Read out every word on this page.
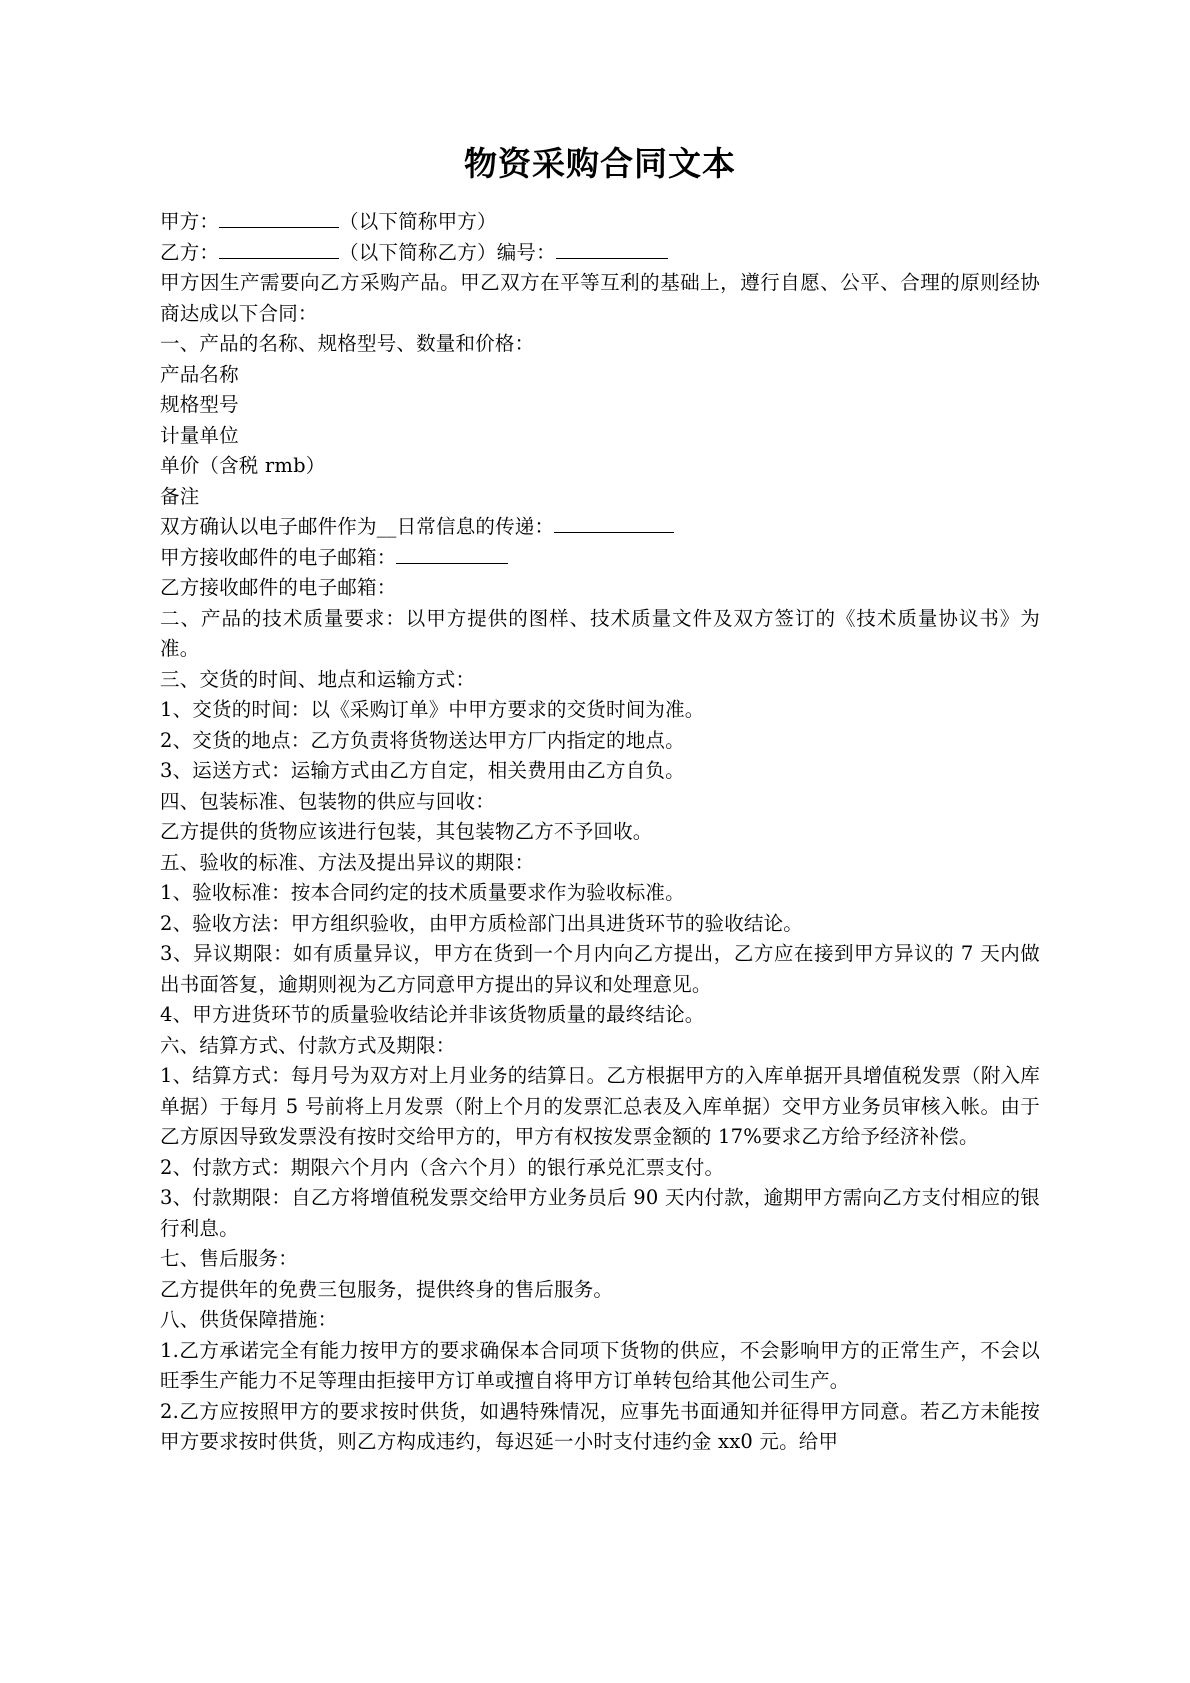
物资采购合同文本

甲方：	（以下简称甲方）

乙方：	（以下简称乙方）编号：

甲方因生产需要向乙方采购产品。甲乙双方在平等互利的基础上，遵行自愿、公平、合理的原则经协商达成以下合同：

一、产品的名称、规格型号、数量和价格：

产品名称

规格型号

计量单位

单价（含税 rmb）

备注

双方确认以电子邮件作为__日常信息的传递：

甲方接收邮件的电子邮箱：

乙方接收邮件的电子邮箱：

二、产品的技术质量要求：以甲方提供的图样、技术质量文件及双方签订的《技术质量协议书》为准。

三、交货的时间、地点和运输方式：

1、交货的时间：以《采购订单》中甲方要求的交货时间为准。

2、交货的地点：乙方负责将货物送达甲方厂内指定的地点。

3、运送方式：运输方式由乙方自定，相关费用由乙方自负。

四、包装标准、包装物的供应与回收：

乙方提供的货物应该进行包装，其包装物乙方不予回收。

五、验收的标准、方法及提出异议的期限：

1、验收标准：按本合同约定的技术质量要求作为验收标准。

2、验收方法：甲方组织验收，由甲方质检部门出具进货环节的验收结论。

3、异议期限：如有质量异议，甲方在货到一个月内向乙方提出，乙方应在接到甲方异议的 7 天内做出书面答复，逾期则视为乙方同意甲方提出的异议和处理意见。

4、甲方进货环节的质量验收结论并非该货物质量的最终结论。

六、结算方式、付款方式及期限：

1、结算方式：每月号为双方对上月业务的结算日。乙方根据甲方的入库单据开具增值税发票（附入库单据）于每月 5 号前将上月发票（附上个月的发票汇总表及入库单据）交甲方业务员审核入帐。由于乙方原因导致发票没有按时交给甲方的，甲方有权按发票金额的 17%要求乙方给予经济补偿。

2、付款方式：期限六个月内（含六个月）的银行承兑汇票支付。

3、付款期限：自乙方将增值税发票交给甲方业务员后 90 天内付款，逾期甲方需向乙方支付相应的银行利息。

七、售后服务：

乙方提供年的免费三包服务，提供终身的售后服务。

八、供货保障措施：

1.乙方承诺完全有能力按甲方的要求确保本合同项下货物的供应，不会影响甲方的正常生产，不会以旺季生产能力不足等理由拒接甲方订单或擅自将甲方订单转包给其他公司生产。

2.乙方应按照甲方的要求按时供货，如遇特殊情况，应事先书面通知并征得甲方同意。若乙方未能按甲方要求按时供货，则乙方构成违约，每迟延一小时支付违约金 xx0 元。给甲
